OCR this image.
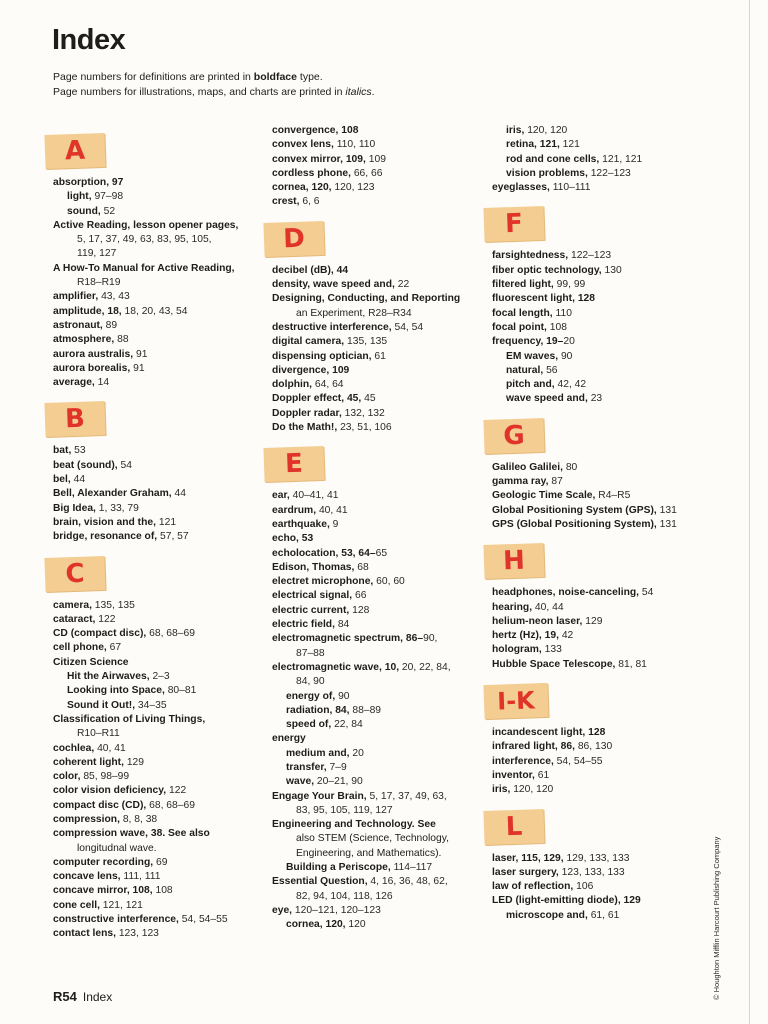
Index
Page numbers for definitions are printed in boldface type.
Page numbers for illustrations, maps, and charts are printed in italics.
A
absorption, 97
light, 97–98
sound, 52
Active Reading, lesson opener pages,
5, 17, 37, 49, 63, 83, 95, 105,
119, 127
A How-To Manual for Active Reading,
R18–R19
amplifier, 43, 43
amplitude, 18, 18, 20, 43, 54
astronaut, 89
atmosphere, 88
aurora australis, 91
aurora borealis, 91
average, 14
B
bat, 53
beat (sound), 54
bel, 44
Bell, Alexander Graham, 44
Big Idea, 1, 33, 79
brain, vision and the, 121
bridge, resonance of, 57, 57
C
camera, 135, 135
cataract, 122
CD (compact disc), 68, 68–69
cell phone, 67
Citizen Science
Hit the Airwaves, 2–3
Looking into Space, 80–81
Sound it Out!, 34–35
Classification of Living Things,
R10–R11
cochlea, 40, 41
coherent light, 129
color, 85, 98–99
color vision deficiency, 122
compact disc (CD), 68, 68–69
compression, 8, 8, 38
compression wave, 38. See also
longitudnal wave.
computer recording, 69
concave lens, 111, 111
concave mirror, 108, 108
cone cell, 121, 121
constructive interference, 54, 54–55
contact lens, 123, 123
convergence, 108
convex lens, 110, 110
convex mirror, 109, 109
cordless phone, 66, 66
cornea, 120, 120, 123
crest, 6, 6
D
decibel (dB), 44
density, wave speed and, 22
Designing, Conducting, and Reporting
an Experiment, R28–R34
destructive interference, 54, 54
digital camera, 135, 135
dispensing optician, 61
divergence, 109
dolphin, 64, 64
Doppler effect, 45, 45
Doppler radar, 132, 132
Do the Math!, 23, 51, 106
E
ear, 40–41, 41
eardrum, 40, 41
earthquake, 9
echo, 53
echolocation, 53, 64–65
Edison, Thomas, 68
electret microphone, 60, 60
electrical signal, 66
electric current, 128
electric field, 84
electromagnetic spectrum, 86–90,
87–88
electromagnetic wave, 10, 20, 22, 84,
84, 90
energy of, 90
radiation, 84, 88–89
speed of, 22, 84
energy
medium and, 20
transfer, 7–9
wave, 20–21, 90
Engage Your Brain, 5, 17, 37, 49, 63,
83, 95, 105, 119, 127
Engineering and Technology. See
also STEM (Science, Technology,
Engineering, and Mathematics).
Building a Periscope, 114–117
Essential Question, 4, 16, 36, 48, 62,
82, 94, 104, 118, 126
eye, 120–121, 120–123
cornea, 120, 120
iris, 120, 120
retina, 121, 121
rod and cone cells, 121, 121
vision problems, 122–123
eyeglasses, 110–111
F
farsightedness, 122–123
fiber optic technology, 130
filtered light, 99, 99
fluorescent light, 128
focal length, 110
focal point, 108
frequency, 19–20
EM waves, 90
natural, 56
pitch and, 42, 42
wave speed and, 23
G
Galileo Galilei, 80
gamma ray, 87
Geologic Time Scale, R4–R5
Global Positioning System (GPS), 131
GPS (Global Positioning System), 131
H
headphones, noise-canceling, 54
hearing, 40, 44
helium-neon laser, 129
hertz (Hz), 19, 42
hologram, 133
Hubble Space Telescope, 81, 81
I-K
incandescent light, 128
infrared light, 86, 86, 130
interference, 54, 54–55
inventor, 61
iris, 120, 120
L
laser, 115, 129, 129, 133, 133
laser surgery, 123, 133, 133
law of reflection, 106
LED (light-emitting diode), 129
microscope and, 61, 61
R54 Index	© Houghton Mifflin Harcourt Publishing Company
